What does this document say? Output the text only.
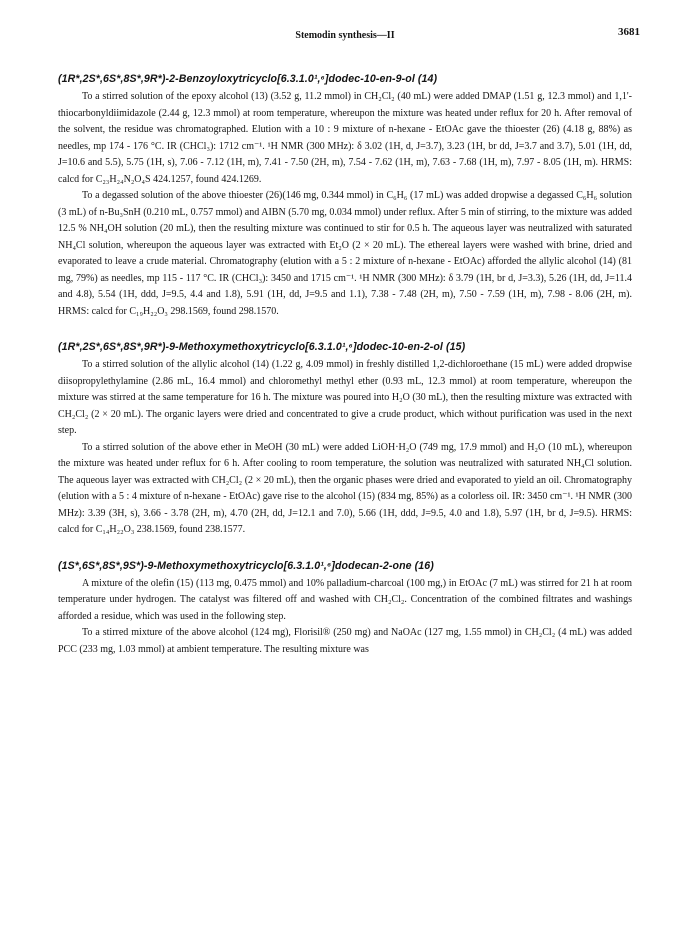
Stemodin synthesis—II	3681
(1R*,2S*,6S*,8S*,9R*)-2-Benzoyloxytricyclo[6.3.1.0¹,⁶]dodec-10-en-9-ol (14)

To a stirred solution of the epoxy alcohol (13) (3.52 g, 11.2 mmol) in CH₂Cl₂ (40 mL) were added DMAP (1.51 g, 12.3 mmol) and 1,1'-thiocarbonyldiimidazole (2.44 g, 12.3 mmol) at room temperature, whereupon the mixture was heated under reflux for 20 h. After removal of the solvent, the residue was chromatographed. Elution with a 10 : 9 mixture of n-hexane - EtOAc gave the thioester (26) (4.18 g, 88%) as needles, mp 174 - 176 °C. IR (CHCl₃): 1712 cm⁻¹. ¹H NMR (300 MHz): δ 3.02 (1H, d, J=3.7), 3.23 (1H, br dd, J=3.7 and 3.7), 5.01 (1H, dd, J=10.6 and 5.5), 5.75 (1H, s), 7.06 - 7.12 (1H, m), 7.41 - 7.50 (2H, m), 7.54 - 7.62 (1H, m), 7.63 - 7.68 (1H, m), 7.97 - 8.05 (1H, m). HRMS: calcd for C₂₃H₂₄N₂O₄S 424.1257, found 424.1269.

To a degassed solution of the above thioester (26)(146 mg, 0.344 mmol) in C₆H₆ (17 mL) was added dropwise a degassed C₆H₆ solution (3 mL) of n-Bu₃SnH (0.210 mL, 0.757 mmol) and AIBN (5.70 mg, 0.034 mmol) under reflux. After 5 min of stirring, to the mixture was added 12.5 % NH₄OH solution (20 mL), then the resulting mixture was continued to stir for 0.5 h. The aqueous layer was neutralized with saturated NH₄Cl solution, whereupon the aqueous layer was extracted with Et₂O (2 × 20 mL). The ethereal layers were washed with brine, dried and evaporated to leave a crude material. Chromatography (elution with a 5 : 2 mixture of n-hexane - EtOAc) afforded the allylic alcohol (14) (81 mg, 79%) as needles, mp 115 - 117 °C. IR (CHCl₃): 3450 and 1715 cm⁻¹. ¹H NMR (300 MHz): δ 3.79 (1H, br d, J=3.3), 5.26 (1H, dd, J=11.4 and 4.8), 5.54 (1H, ddd, J=9.5, 4.4 and 1.8), 5.91 (1H, dd, J=9.5 and 1.1), 7.38 - 7.48 (2H, m), 7.50 - 7.59 (1H, m), 7.98 - 8.06 (2H, m). HRMS: calcd for C₁₉H₂₂O₃ 298.1569, found 298.1570.

(1R*,2S*,6S*,8S*,9R*)-9-Methoxymethoxytricyclo[6.3.1.0¹,⁶]dodec-10-en-2-ol (15)

To a stirred solution of the allylic alcohol (14) (1.22 g, 4.09 mmol) in freshly distilled 1,2-dichloroethane (15 mL) were added dropwise diisopropylethylamine (2.86 mL, 16.4 mmol) and chloromethyl methyl ether (0.93 mL, 12.3 mmol) at room temperature, whereupon the mixture was stirred at the same temperature for 16 h. The mixture was poured into H₂O (30 mL), then the resulting mixture was extracted with CH₂Cl₂ (2 × 20 mL). The organic layers were dried and concentrated to give a crude product, which without purification was used in the next step.

To a stirred solution of the above ether in MeOH (30 mL) were added LiOH·H₂O (749 mg, 17.9 mmol) and H₂O (10 mL), whereupon the mixture was heated under reflux for 6 h. After cooling to room temperature, the solution was neutralized with saturated NH₄Cl solution. The aqueous layer was extracted with CH₂Cl₂ (2 × 20 mL), then the organic phases were dried and evaporated to yield an oil. Chromatography (elution with a 5 : 4 mixture of n-hexane - EtOAc) gave rise to the alcohol (15) (834 mg, 85%) as a colorless oil. IR: 3450 cm⁻¹. ¹H NMR (300 MHz): 3.39 (3H, s), 3.66 - 3.78 (2H, m), 4.70 (2H, dd, J=12.1 and 7.0), 5.66 (1H, ddd, J=9.5, 4.0 and 1.8), 5.97 (1H, br d, J=9.5). HRMS: calcd for C₁₄H₂₂O₃ 238.1569, found 238.1577.

(1S*,6S*,8S*,9S*)-9-Methoxymethoxytricyclo[6.3.1.0¹,⁶]dodecan-2-one (16)

A mixture of the olefin (15) (113 mg, 0.475 mmol) and 10% palladium-charcoal (100 mg,) in EtOAc (7 mL) was stirred for 21 h at room temperature under hydrogen. The catalyst was filtered off and washed with CH₂Cl₂. Concentration of the combined filtrates and washings afforded a residue, which was used in the following step.

To a stirred mixture of the above alcohol (124 mg), Florisil® (250 mg) and NaOAc (127 mg, 1.55 mmol) in CH₂Cl₂ (4 mL) was added PCC (233 mg, 1.03 mmol) at ambient temperature. The resulting mixture was
